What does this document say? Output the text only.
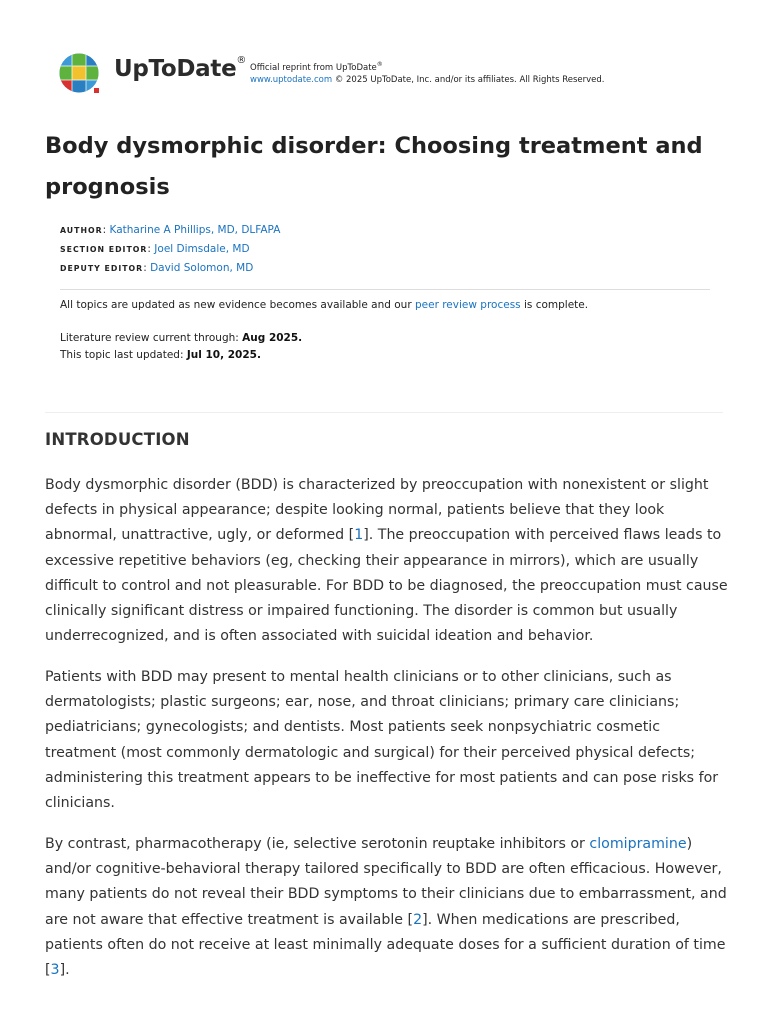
UpToDate®
Official reprint from UpToDate®
www.uptodate.com © 2025 UpToDate, Inc. and/or its affiliates. All Rights Reserved.
Body dysmorphic disorder: Choosing treatment and prognosis
AUTHOR: Katharine A Phillips, MD, DLFAPA
SECTION EDITOR: Joel Dimsdale, MD
DEPUTY EDITOR: David Solomon, MD
All topics are updated as new evidence becomes available and our peer review process is complete.
Literature review current through: Aug 2025.
This topic last updated: Jul 10, 2025.
INTRODUCTION

Body dysmorphic disorder (BDD) is characterized by preoccupation with nonexistent or slight defects in physical appearance; despite looking normal, patients believe that they look abnormal, unattractive, ugly, or deformed [1]. The preoccupation with perceived flaws leads to excessive repetitive behaviors (eg, checking their appearance in mirrors), which are usually difficult to control and not pleasurable. For BDD to be diagnosed, the preoccupation must cause clinically significant distress or impaired functioning. The disorder is common but usually underrecognized, and is often associated with suicidal ideation and behavior.

Patients with BDD may present to mental health clinicians or to other clinicians, such as dermatologists; plastic surgeons; ear, nose, and throat clinicians; primary care clinicians; pediatricians; gynecologists; and dentists. Most patients seek nonpsychiatric cosmetic treatment (most commonly dermatologic and surgical) for their perceived physical defects; administering this treatment appears to be ineffective for most patients and can pose risks for clinicians.

By contrast, pharmacotherapy (ie, selective serotonin reuptake inhibitors or clomipramine) and/or cognitive-behavioral therapy tailored specifically to BDD are often efficacious. However, many patients do not reveal their BDD symptoms to their clinicians due to embarrassment, and are not aware that effective treatment is available [2]. When medications are prescribed, patients often do not receive at least minimally adequate doses for a sufficient duration of time [3].
